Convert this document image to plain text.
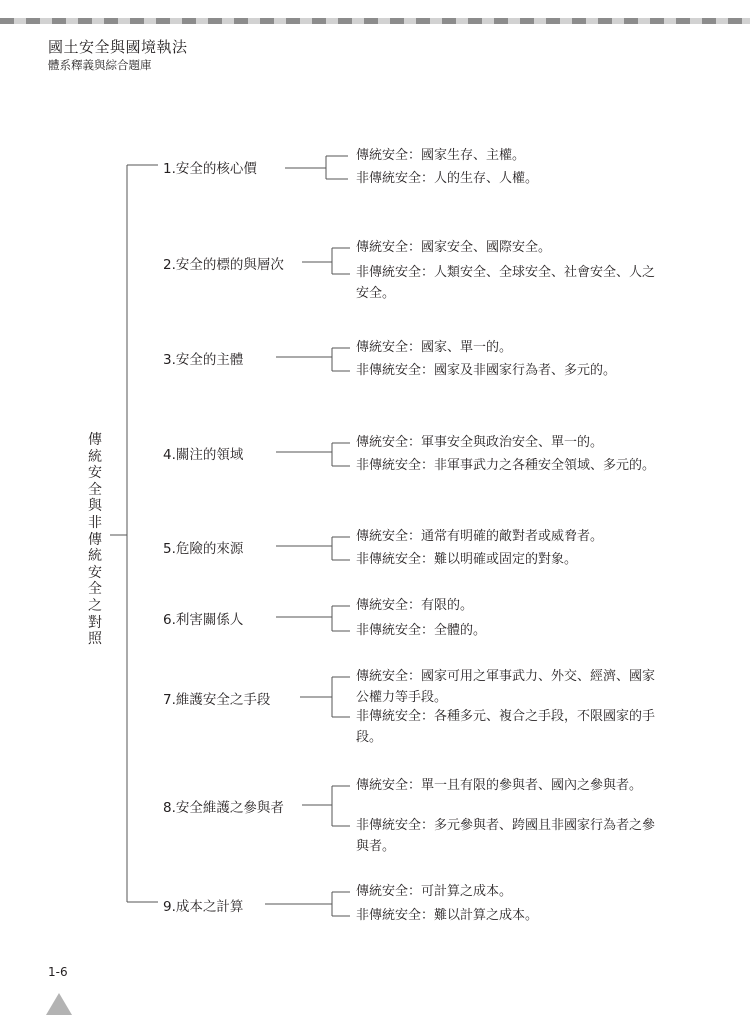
國土安全與國境執法
體系釋義與綜合題庫
傳統安全與非傳統安全之對照
1.安全的核心價
2.安全的標的與層次
3.安全的主體
4.關注的領域
5.危險的來源
6.利害關係人
7.維護安全之手段
8.安全維護之參與者
9.成本之計算
傳統安全：國家生存、主權。
非傳統安全：人的生存、人權。
傳統安全：國家安全、國際安全。
非傳統安全：人類安全、全球安全、社會安全、人之安全。
傳統安全：國家、單一的。
非傳統安全：國家及非國家行為者、多元的。
傳統安全：軍事安全與政治安全、單一的。
非傳統安全：非軍事武力之各種安全領域、多元的。
傳統安全：通常有明確的敵對者或威脅者。
非傳統安全：難以明確或固定的對象。
傳統安全：有限的。
非傳統安全：全體的。
傳統安全：國家可用之軍事武力、外交、經濟、國家公權力等手段。
非傳統安全：各種多元、複合之手段，不限國家的手段。
傳統安全：單一且有限的參與者、國內之參與者。
非傳統安全：多元參與者、跨國且非國家行為者之參與者。
傳統安全：可計算之成本。
非傳統安全：難以計算之成本。
1-6
